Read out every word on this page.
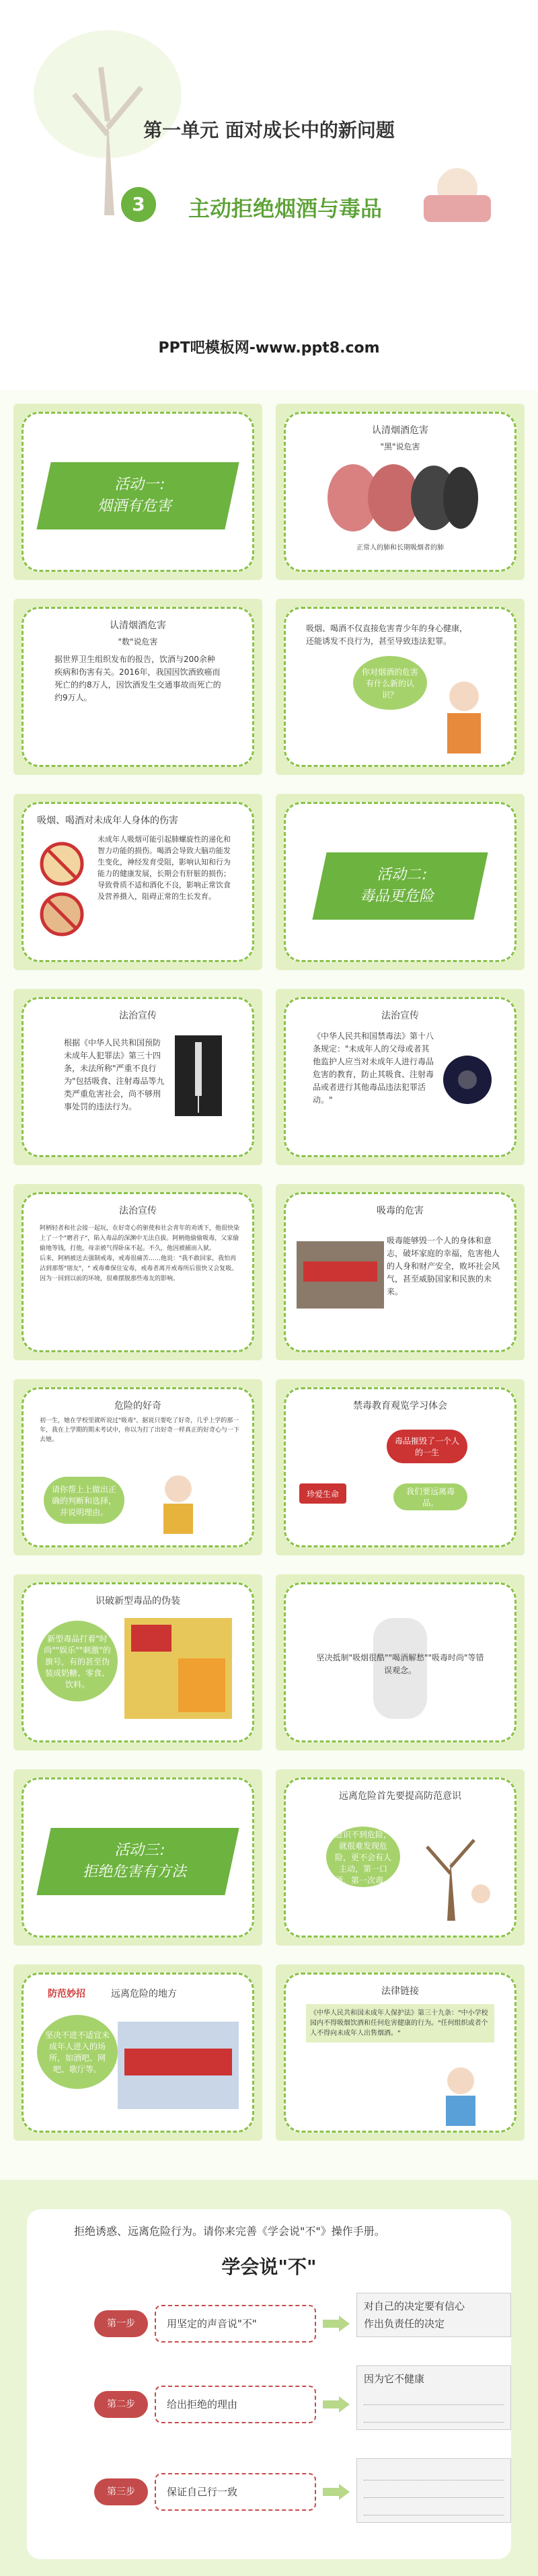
第一单元 面对成长中的新问题
3	主动拒绝烟酒与毒品
PPT吧模板网-www.ppt8.com
活动一:
烟酒有危害
认清烟酒危害
"黑"说危害
正常人的肺和长期吸烟者的肺
认清烟酒危害
"数"说危害
据世界卫生组织发布的报告，饮酒与200余种疾病和伤害有关。2016年，我国因饮酒致癌而死亡的约8万人，因饮酒发生交通事故而死亡的约9万人。
吸烟、喝酒不仅直接危害青少年的身心健康，还能诱发不良行为，甚至导致违法犯罪。
你对烟酒的危害有什么新的认识？
吸烟、喝酒对未成年人身体的伤害
未成年人吸烟可能引起肺螺旋性的递化和智力功能的损伤。喝酒会导致大脑功能发生变化，神经发育受阻，影响认知和行为能力的健康发展，长期会有肝脏的损伤；导致骨质不适和酒化不良，影响正常饮食及营养摄入，阻碍正常的生长发育。
活动二:
毒品更危险
法治宣传
根据《中华人民共和国预防未成年人犯罪法》第三十四条，未法所称"严重不良行为"包括吸食、注射毒品等九类严重危害社会，尚不够刑事处罚的违法行为。
法治宣传
《中华人民共和国禁毒法》第十八条规定："未成年人的父母或者其他监护人应当对未成年人进行毒品危害的教育，防止其吸食、注射毒品或者进行其他毒品违法犯罪活动。"
法治宣传
阿柄轻者和社会接一起玩，在好奇心的驱使和社会青年的劝诱下，他很快染上了一个"磨君子"，陷入毒品的深渊中无法自拔。阿柄他偷偷吸毒，父家偷偷地等钱，打他，母亲被气得卧床不起。不久，他因被捕而入狱。
后来，阿柄被送去强制戒毒，戒毒很痛苦……他说："我不敢回家，我怕再沾到那帮"朋友"，" 戒毒难保住安毒，戒毒者离开戒毒所后很快又会复吸。因为一回到以前的环境，很难摆脱那些毒友的影响。
吸毒的危害
吸毒能够毁一个人的身体和意志，破坏家庭的幸福，危害他人的人身和财产安全，败坏社会风气，甚至威胁国家和民族的未来。
危险的好奇
初一生，她在学校里就听说过"吸毒"。据说只要吃了好奇，几乎上学的那一年，我在上学期的期末考试中，你以为打了出好奇一样真正的好奇心与一下去她。
请你帮上上做出正确的判断和选择，并说明理由。
禁毒教育观览学习体会
毒品摧毁了一个人的一生
我们要远离毒品。
珍爱生命
识破新型毒品的伪装
新型毒品打着"时尚""娱乐""刺激"的旗号，有的甚至伪装成奶糖、零食、饮料。
坚决抵制"吸烟很酷""喝酒解愁""吸毒时尚"等错误观念。
活动三:
拒绝危害有方法
远离危险首先要提高防范意识
意识不到危险，就很难发现危险，更不会有人主动，第一口酒，第一次毒。
防范妙招	远离危险的地方
坚决不进不适宜未成年人进入的场所，如酒吧、网吧、歌厅等。
法律链接
《中华人民共和国未成年人保护法》第三十九条："中小学校园内不得吸烟饮酒和任何危害健康的行为。"任何组织或者个人不得向未成年人出售烟酒。"
拒绝诱惑、远离危险行为。请你来完善《学会说"不"》操作手册。
学会说"不"
第一步	用坚定的声音说"不"
对自己的决定要有信心
作出负责任的决定
第二步	给出拒绝的理由
因为它不健康
第三步	保证自己行一致
